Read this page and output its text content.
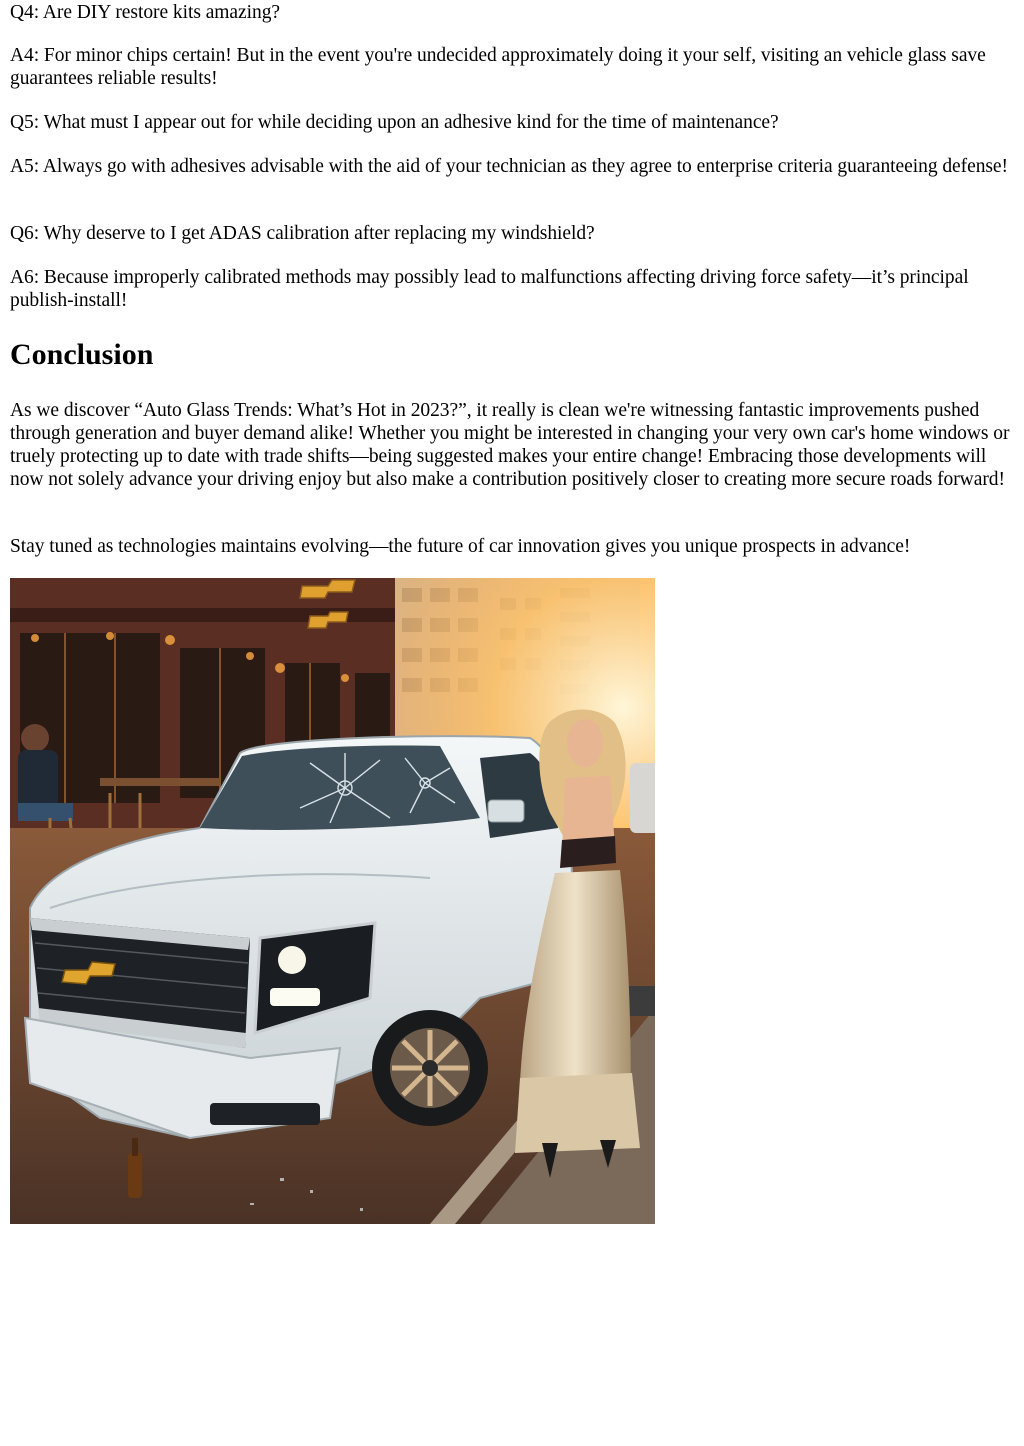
Q4: Are DIY restore kits amazing?

A4: For minor chips certain! But in the event you're undecided approximately doing it your self, visiting an vehicle glass save guarantees reliable results!

Q5: What must I appear out for while deciding upon an adhesive kind for the time of maintenance?

A5: Always go with adhesives advisable with the aid of your technician as they agree to enterprise criteria guaranteeing defense!

Q6: Why deserve to I get ADAS calibration after replacing my windshield?

A6: Because improperly calibrated methods may possibly lead to malfunctions affecting driving force safety—it’s principal publish-install!

Conclusion

As we discover “Auto Glass Trends: What’s Hot in 2023?”, it really is clean we're witnessing fantastic improvements pushed through generation and buyer demand alike! Whether you might be interested in changing your very own car's home windows or truely protecting up to date with trade shifts—being suggested makes your entire change! Embracing those developments will now not solely advance your driving enjoy but also make a contribution positively closer to creating more secure roads forward!

Stay tuned as technologies maintains evolving—the future of car innovation gives you unique prospects in advance!
